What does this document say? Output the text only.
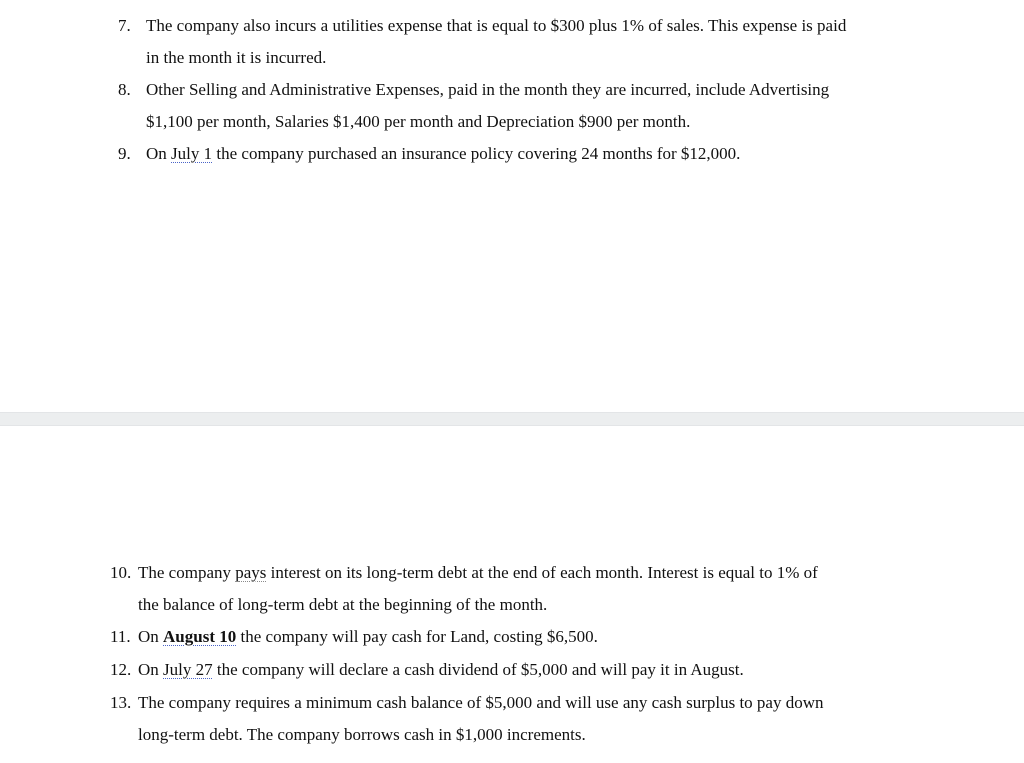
7. The company also incurs a utilities expense that is equal to $300 plus 1% of sales. This expense is paid
in the month it is incurred.
8. Other Selling and Administrative Expenses, paid in the month they are incurred, include Advertising
$1,100 per month, Salaries $1,400 per month and Depreciation $900 per month.
9. On July 1 the company purchased an insurance policy covering 24 months for $12,000.
10. The company pays interest on its long-term debt at the end of each month. Interest is equal to 1% of
the balance of long-term debt at the beginning of the month.
11. On August 10 the company will pay cash for Land, costing $6,500.
12. On July 27 the company will declare a cash dividend of $5,000 and will pay it in August.
13. The company requires a minimum cash balance of $5,000 and will use any cash surplus to pay down
long-term debt. The company borrows cash in $1,000 increments.
